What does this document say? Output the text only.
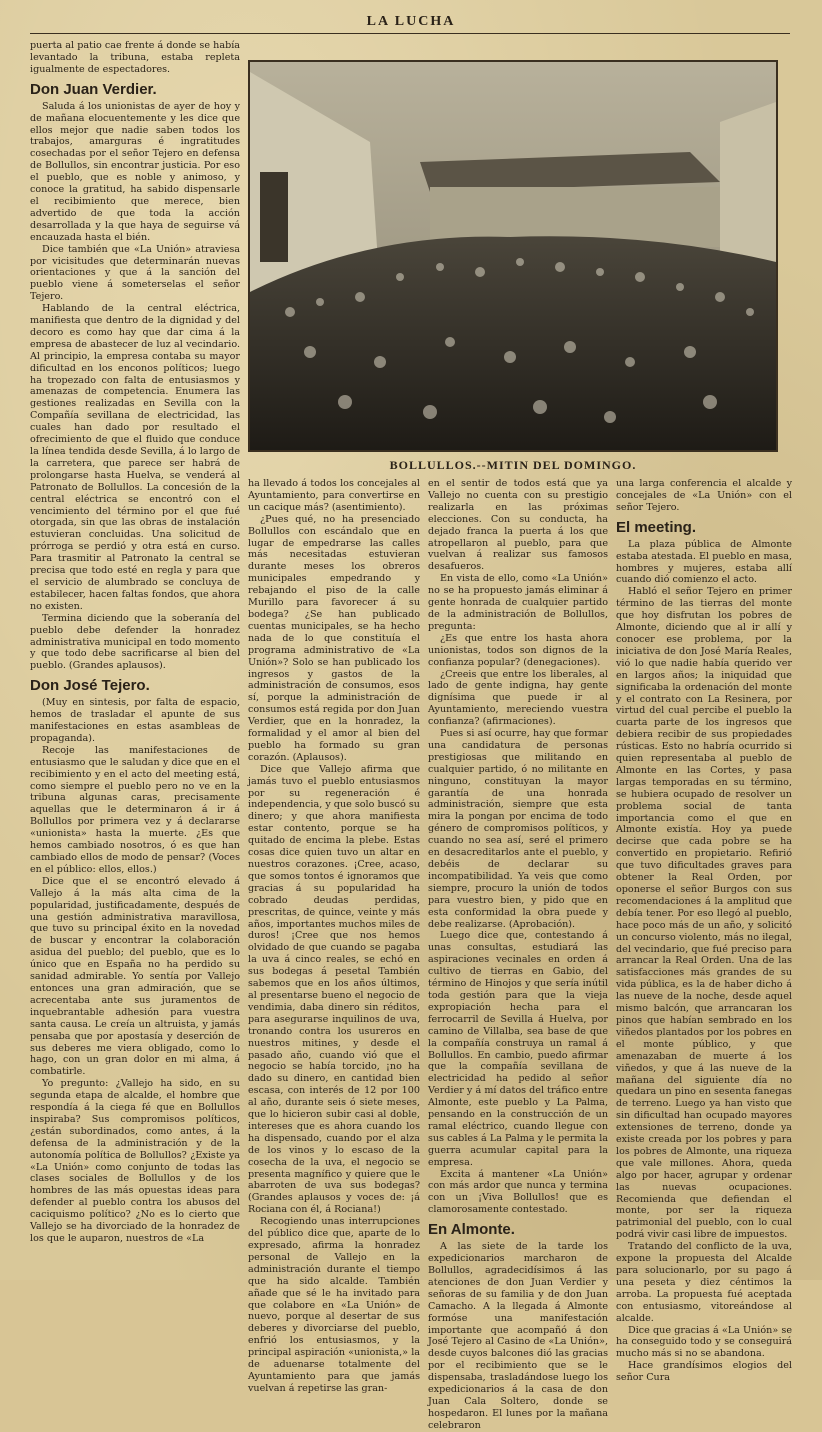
LA LUCHA
BOLLULLOS.--MITIN DEL DOMINGO.

puerta al patio cae frente á donde se había levantado la tribuna, estaba repleta igualmente de espectadores.

Don Juan Verdier.

Saluda á los unionistas de ayer de hoy y de mañana elocuentemente y les dice que ellos mejor que nadie saben todos los trabajos, amarguras é ingratitudes cosechadas por el señor Tejero en defensa de Bollullos, sin encontrar justicia. Por eso el pueblo, que es noble y animoso, y conoce la gratitud, ha sabido dispensarle el recibimiento que merece, bien advertido de que toda la acción desarrollada y la que haya de seguirse vá encauzada hasta el bién.

Dice también que «La Unión» atraviesa por vicisitudes que determinarán nuevas orientaciones y que á la sanción del pueblo viene á someterselas el señor Tejero.

Hablando de la central eléctrica, manifiesta que dentro de la dignidad y del decoro es como hay que dar cima á la empresa de abastecer de luz al vecindario. Al principio, la empresa contaba su mayor dificultad en los enconos políticos; luego ha tropezado con falta de entusiasmos y amenazas de competencia. Enumera las gestiones realizadas en Sevilla con la Compañía sevillana de electricidad, las cuales han dado por resultado el ofrecimiento de que el fluido que conduce la línea tendida desde Sevilla, á lo largo de la carretera, que parece ser habrá de prolongarse hasta Huelva, se venderá al Patronato de Bollullos. La concesión de la central eléctrica se encontró con el vencimiento del término por el que fué otorgada, sin que las obras de instalación estuvieran concluidas. Una solicitud de prórroga se perdió y otra está en curso. Para trasmitir al Patronato la central se precisa que todo esté en regla y para que el servicio de alumbrado se concluya de estabilecer, hacen faltas fondos, que ahora no existen.

Termina diciendo que la soberanía del pueblo debe defender la honradez administrativa municipal en todo momento y que todo debe sacrificarse al bien del pueblo. (Grandes aplausos).

Don José Tejero.

(Muy en sintesis, por falta de espacio, hemos de trasladar el apunte de sus manifestaciones en estas asambleas de propaganda).

Recoje las manifestaciones de entusiasmo que le saludan y dice que en el recibimiento y en el acto del meeting está, como siempre el pueblo pero no ve en la tribuna algunas caras, precisamente aquellas que le determinaron á ir á Bollullos por primera vez y á declararse «unionista» hasta la muerte. ¿Es que hemos cambiado nosotros, ó es que han cambiado ellos de modo de pensar? (Voces en el público: ellos, ellos.)

Dice que el se encontró elevado á Vallejo á la más alta cima de la popularidad, justificadamente, después de una gestión administrativa maravillosa, que tuvo su principal éxito en la novedad de buscar y encontrar la colaboración asidua del pueblo; del pueblo, que es lo único que en España no ha perdido su sanidad admirable. Yo sentía por Vallejo entonces una gran admiración, que se acrecentaba ante sus juramentos de inquebrantable adhesión para vuestra santa causa. Le creía un altruista, y jamás pensaba que por apostasía y deserción de sus deberes me viera obligado, como lo hago, con un gran dolor en mi alma, á combatirle.

Yo pregunto: ¿Vallejo ha sido, en su segunda etapa de alcalde, el hombre que respondía á la ciega fé que en Bollullos inspiraba? Sus compromisos políticos, ¿están subordinados, como antes, á la defensa de la administración y de la autonomía política de Bollullos? ¿Existe ya «La Unión» como conjunto de todas las clases sociales de Bollullos y de los hombres de las más opuestas ideas para defender al pueblo contra los abusos del caciquismo político? ¿No es lo cierto que Vallejo se ha divorciado de la honradez de los que le auparon, nuestros de «La

ha llevado á todos los concejales al Ayuntamiento, para convertirse en un cacique más? (asentimiento).

¿Pues qué, no ha presenciado Bollullos con escándalo que en lugar de empedrarse las calles más necesitadas estuvieran durante meses los obreros municipales empedrando y rebajando el piso de la calle Murillo para favorecer á su bodega? ¿Se han publicado cuentas municipales, se ha hecho nada de lo que constituía el programa administrativo de «La Unión»? Solo se han publicado los ingresos y gastos de la administración de consumos, esos sí, porque la administración de consumos está regida por don Juan Verdier, que en la honradez, la formalidad y el amor al bien del pueblo ha formado su gran corazón. (Aplausos).

Dice que Vallejo afirma que jamás tuvo el pueblo entusiasmos por su regeneración é independencia, y que solo buscó su dinero; y que ahora manifiesta estar contento, porque se ha quitado de encima la plebe. Estas cosas dice quien tuvo un altar en nuestros corazones. ¡Cree, acaso, que somos tontos é ignoramos que gracias á su popularidad ha cobrado deudas perdidas, prescritas, de quince, veinte y más años, importantes muchos miles de duros! ¡Cree que nos hemos olvidado de que cuando se pagaba la uva á cinco reales, se echó en sus bodegas á pesetal También sabemos que en los años últimos, al presentarse bueno el negocio de vendimia, daba dinero sin réditos, para asegurarse inquilinos de uva, tronando contra los usureros en nuestros mitines, y desde el pasado año, cuando vió que el negocio se había torcido, ¡no ha dado su dinero, en cantidad bien escasa, con interés de 12 por 100 al año, durante seis ó siete meses, que lo hicieron subir casi al doble, intereses que es ahora cuando los ha dispensado, cuando por el alza de los vinos y lo escaso de la cosecha de la uva, el negocio se presenta magnífico y quiere que le abarroten de uva sus bodegas? (Grandes aplausos y voces de: ¡á Rociana con él, á Rociana!)

Recogiendo unas interrupciones del público dice que, aparte de lo expresado, afirma la honradez personal de Vallejo en la administración durante el tiempo que ha sido alcalde. También añade que sé le ha invitado para que colabore en «La Unión» de nuevo, porque al desertar de sus deberes y divorciarse del pueblo, enfrió los entusiasmos, y la principal aspiración «unionista,» la de aduenarse totalmente del Ayuntamiento para que jamás vuelvan á repetirse las gran-

en el sentir de todos está que ya Vallejo no cuenta con su prestigio realizarla en las próximas elecciones. Con su conducta, ha dejado franca la puerta á los que atropellaron al pueblo, para que vuelvan á realizar sus famosos desafueros.

En vista de ello, como «La Unión» no se ha propuesto jamás eliminar á gente honrada de cualquier partido de la administración de Bollullos, pregunta:

¿Es que entre los hasta ahora unionistas, todos son dignos de la confianza popular? (denegaciones).

¿Creeis que entre los liberales, al lado de gente indigna, hay gente dignísima que puede ir al Ayuntamiento, mereciendo vuestra confianza? (afirmaciones).

Pues si así ocurre, hay que formar una candidatura de personas prestigiosas que militando en cualquier partido, ó no militante en ninguno, constituyan la mayor garantía de una honrada administración, siempre que esta mira la pongan por encima de todo género de compromisos políticos, y cuando no sea así, seré el primero en desacreditarlos ante el pueblo, y debéis de declarar su incompatibilidad. Ya veis que como siempre, procuro la unión de todos para vuestro bien, y pido que en esta conformidad la obra puede y debe realizarse. (Aprobación).

Luego dice que, contestando á unas consultas, estudiará las aspiraciones vecinales en orden á cultivo de tierras en Gabio, del término de Hinojos y que sería inútil toda gestión para que la vieja expropiación hecha para el ferrocarril de Sevilla á Huelva, por camino de Villalba, sea base de que la compañía construya un ramal á Bollullos. En cambio, puedo afirmar que la compañía sevillana de electricidad ha pedido al señor Verdier y á mí datos del tráfico entre Almonte, este pueblo y La Palma, pensando en la construcción de un ramal eléctrico, cuando llegue con sus cables á La Palma y le permita la guerra acumular capital para la empresa.

Excita á mantener «La Unión» con más ardor que nunca y termina con un ¡Viva Bollullos! que es clamorosamente contestado.

En Almonte.

A las siete de la tarde los expedicionarios marcharon de Bollullos, agradecidísimos á las atenciones de don Juan Verdier y señoras de su familia y de don Juan Camacho. A la llegada á Almonte formóse una manifestación importante que acompañó á don José Tejero al Casino de «La Unión», desde cuyos balcones dió las gracias por el recibimiento que se le dispensaba, trasladándose luego los expedicionarios á la casa de don Juan Cala Soltero, donde se hospedaron. El lunes por la mañana celebraron

una larga conferencia el alcalde y concejales de «La Unión» con el señor Tejero.

El meeting.

La plaza pública de Almonte estaba atestada. El pueblo en masa, hombres y mujeres, estaba allí cuando dió comienzo el acto.

Habló el señor Tejero en primer término de las tierras del monte que hoy disfrutan los pobres de Almonte, diciendo que al ir allí y conocer ese problema, por la iniciativa de don José María Reales, vió lo que nadie había querido ver en largos años; la iniquidad que significaba la ordenación del monte y el contrato con La Resinera, por virtud del cual percibe el pueblo la cuarta parte de los ingresos que debiera recibir de sus propiedades rústicas. Esto no habría ocurrido si quien representaba al pueblo de Almonte en las Cortes, y pasa largas temporadas en su término, se hubiera ocupado de resolver un problema social de tanta importancia como el que en Almonte existía. Hoy ya puede decirse que cada pobre se ha convertido en propietario. Refirió que tuvo dificultades graves para obtener la Real Orden, por oponerse el señor Burgos con sus recomendaciones á la amplitud que debía tener. Por eso llegó al pueblo, hace poco más de un año, y solicitó un concurso violento, más no ilegal, del vecindario, que fué preciso para arrancar la Real Orden. Una de las satisfacciones más grandes de su vida pública, es la de haber dicho á las nueve de la noche, desde aquel mismo balcón, que arrancaran los pinos que habían sembrado en los viñedos plantados por los pobres en el monte público, y que amenazaban de muerte á los viñedos, y que á las nueve de la mañana del siguiente día no quedara un pino en sesenta fanegas de terreno. Luego ya han visto que sin dificultad han ocupado mayores extensiones de terreno, donde ya existe creada por los pobres y para los pobres de Almonte, una riqueza que vale millones. Ahora, queda algo por hacer, agrupar y ordenar las nuevas ocupaciones. Recomienda que defiendan el monte, por ser la riqueza patrimonial del pueblo, con lo cual podrá vivir casi libre de impuestos.

Tratando del conflicto de la uva, expone la propuesta del Alcalde para solucionarlo, por su pago á una peseta y diez céntimos la arroba. La propuesta fué aceptada con entusiasmo, vitoreándose al alcalde.

Dice que gracias á «La Unión» se ha conseguido todo y se conseguirá mucho más si no se abandona.

Hace grandísimos elogios del señor Cura
